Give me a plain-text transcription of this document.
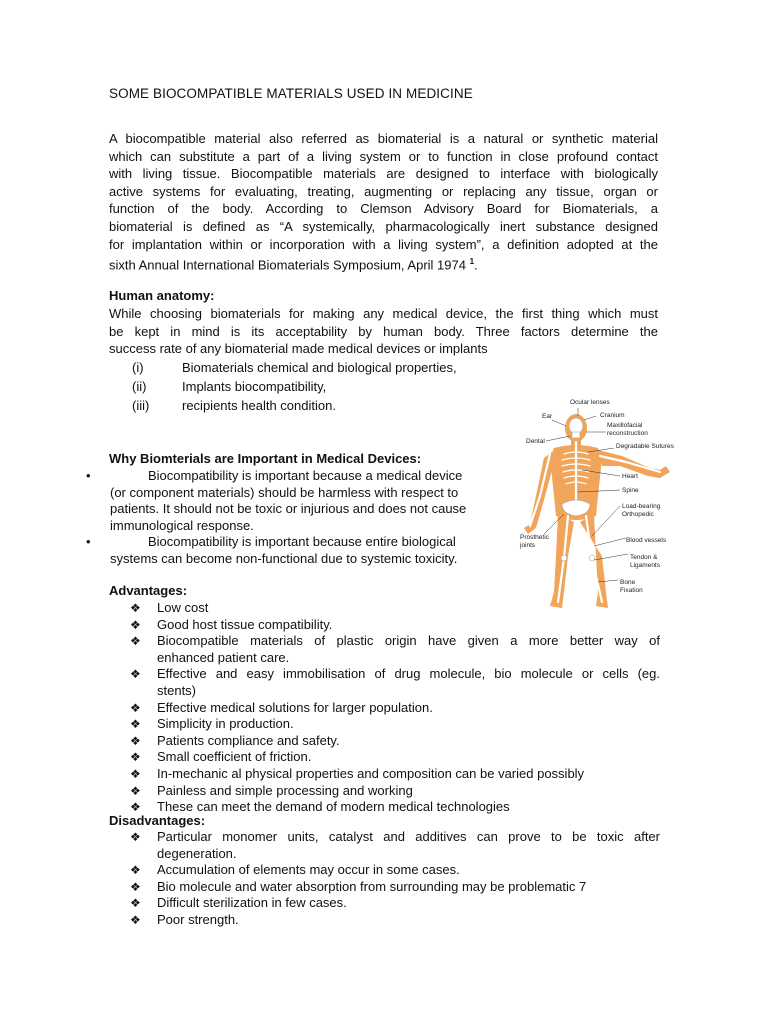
SOME BIOCOMPATIBLE MATERIALS USED IN MEDICINE
A biocompatible material also referred as biomaterial is a natural or synthetic material
which can substitute a part of a living system or to function in close profound contact
with living tissue. Biocompatible materials are designed to interface with biologically
active systems for evaluating, treating, augmenting or replacing any tissue, organ or
function of the body. According to Clemson Advisory Board for Biomaterials, a
biomaterial is defined as “A systemically, pharmacologically inert substance designed
for implantation within or incorporation with a living system”, a definition adopted at the
sixth Annual International Biomaterials Symposium, April 1974 $^1$.
Human anatomy:
While choosing biomaterials for making any medical device, the first thing which must
be kept in mind is its acceptability by human body. Three factors determine the
success rate of any biomaterial made medical devices or implants
(i)	Biomaterials chemical and biological properties,
(ii)	Implants biocompatibility,
(iii)	recipients health condition.
Why Biomterials are Important in Medical Devices:
•	Biocompatibility is important because a medical device
(or component materials) should be harmless with respect to
patients. It should not be toxic or injurious and does not cause
immunological response.
•	Biocompatibility is important because entire biological
systems can become non-functional due to systemic toxicity.
Advantages:
❖ Low cost
❖ Good host tissue compatibility.
❖ Biocompatible materials of plastic origin have given a more better way of
enhanced patient care.
❖ Effective and easy immobilisation of drug molecule, bio molecule or cells (eg.
stents)
❖ Effective medical solutions for larger population.
❖ Simplicity in production.
❖ Patients compliance and safety.
❖ Small coefficient of friction.
❖ In-mechanic al physical properties and composition can be varied possibly
❖ Painless and simple processing and working
❖ These can meet the demand of modern medical technologies
Disadvantages:
❖ Particular monomer units, catalyst and additives can prove to be toxic after
degeneration.
❖ Accumulation of elements may occur in some cases.
❖ Bio molecule and water absorption from surrounding may be problematic 7
❖ Difficult sterilization in few cases.
❖ Poor strength.
Ocular lenses
Ear	Cranium
Maxillofacial
reconstruction
Dental
Degradable Sutures
Heart
Spine
Load-bearing
Orthopedic
Prosthetic
joints
Blood vessels
Tendon &
Ligaments
Bone
Fixation
